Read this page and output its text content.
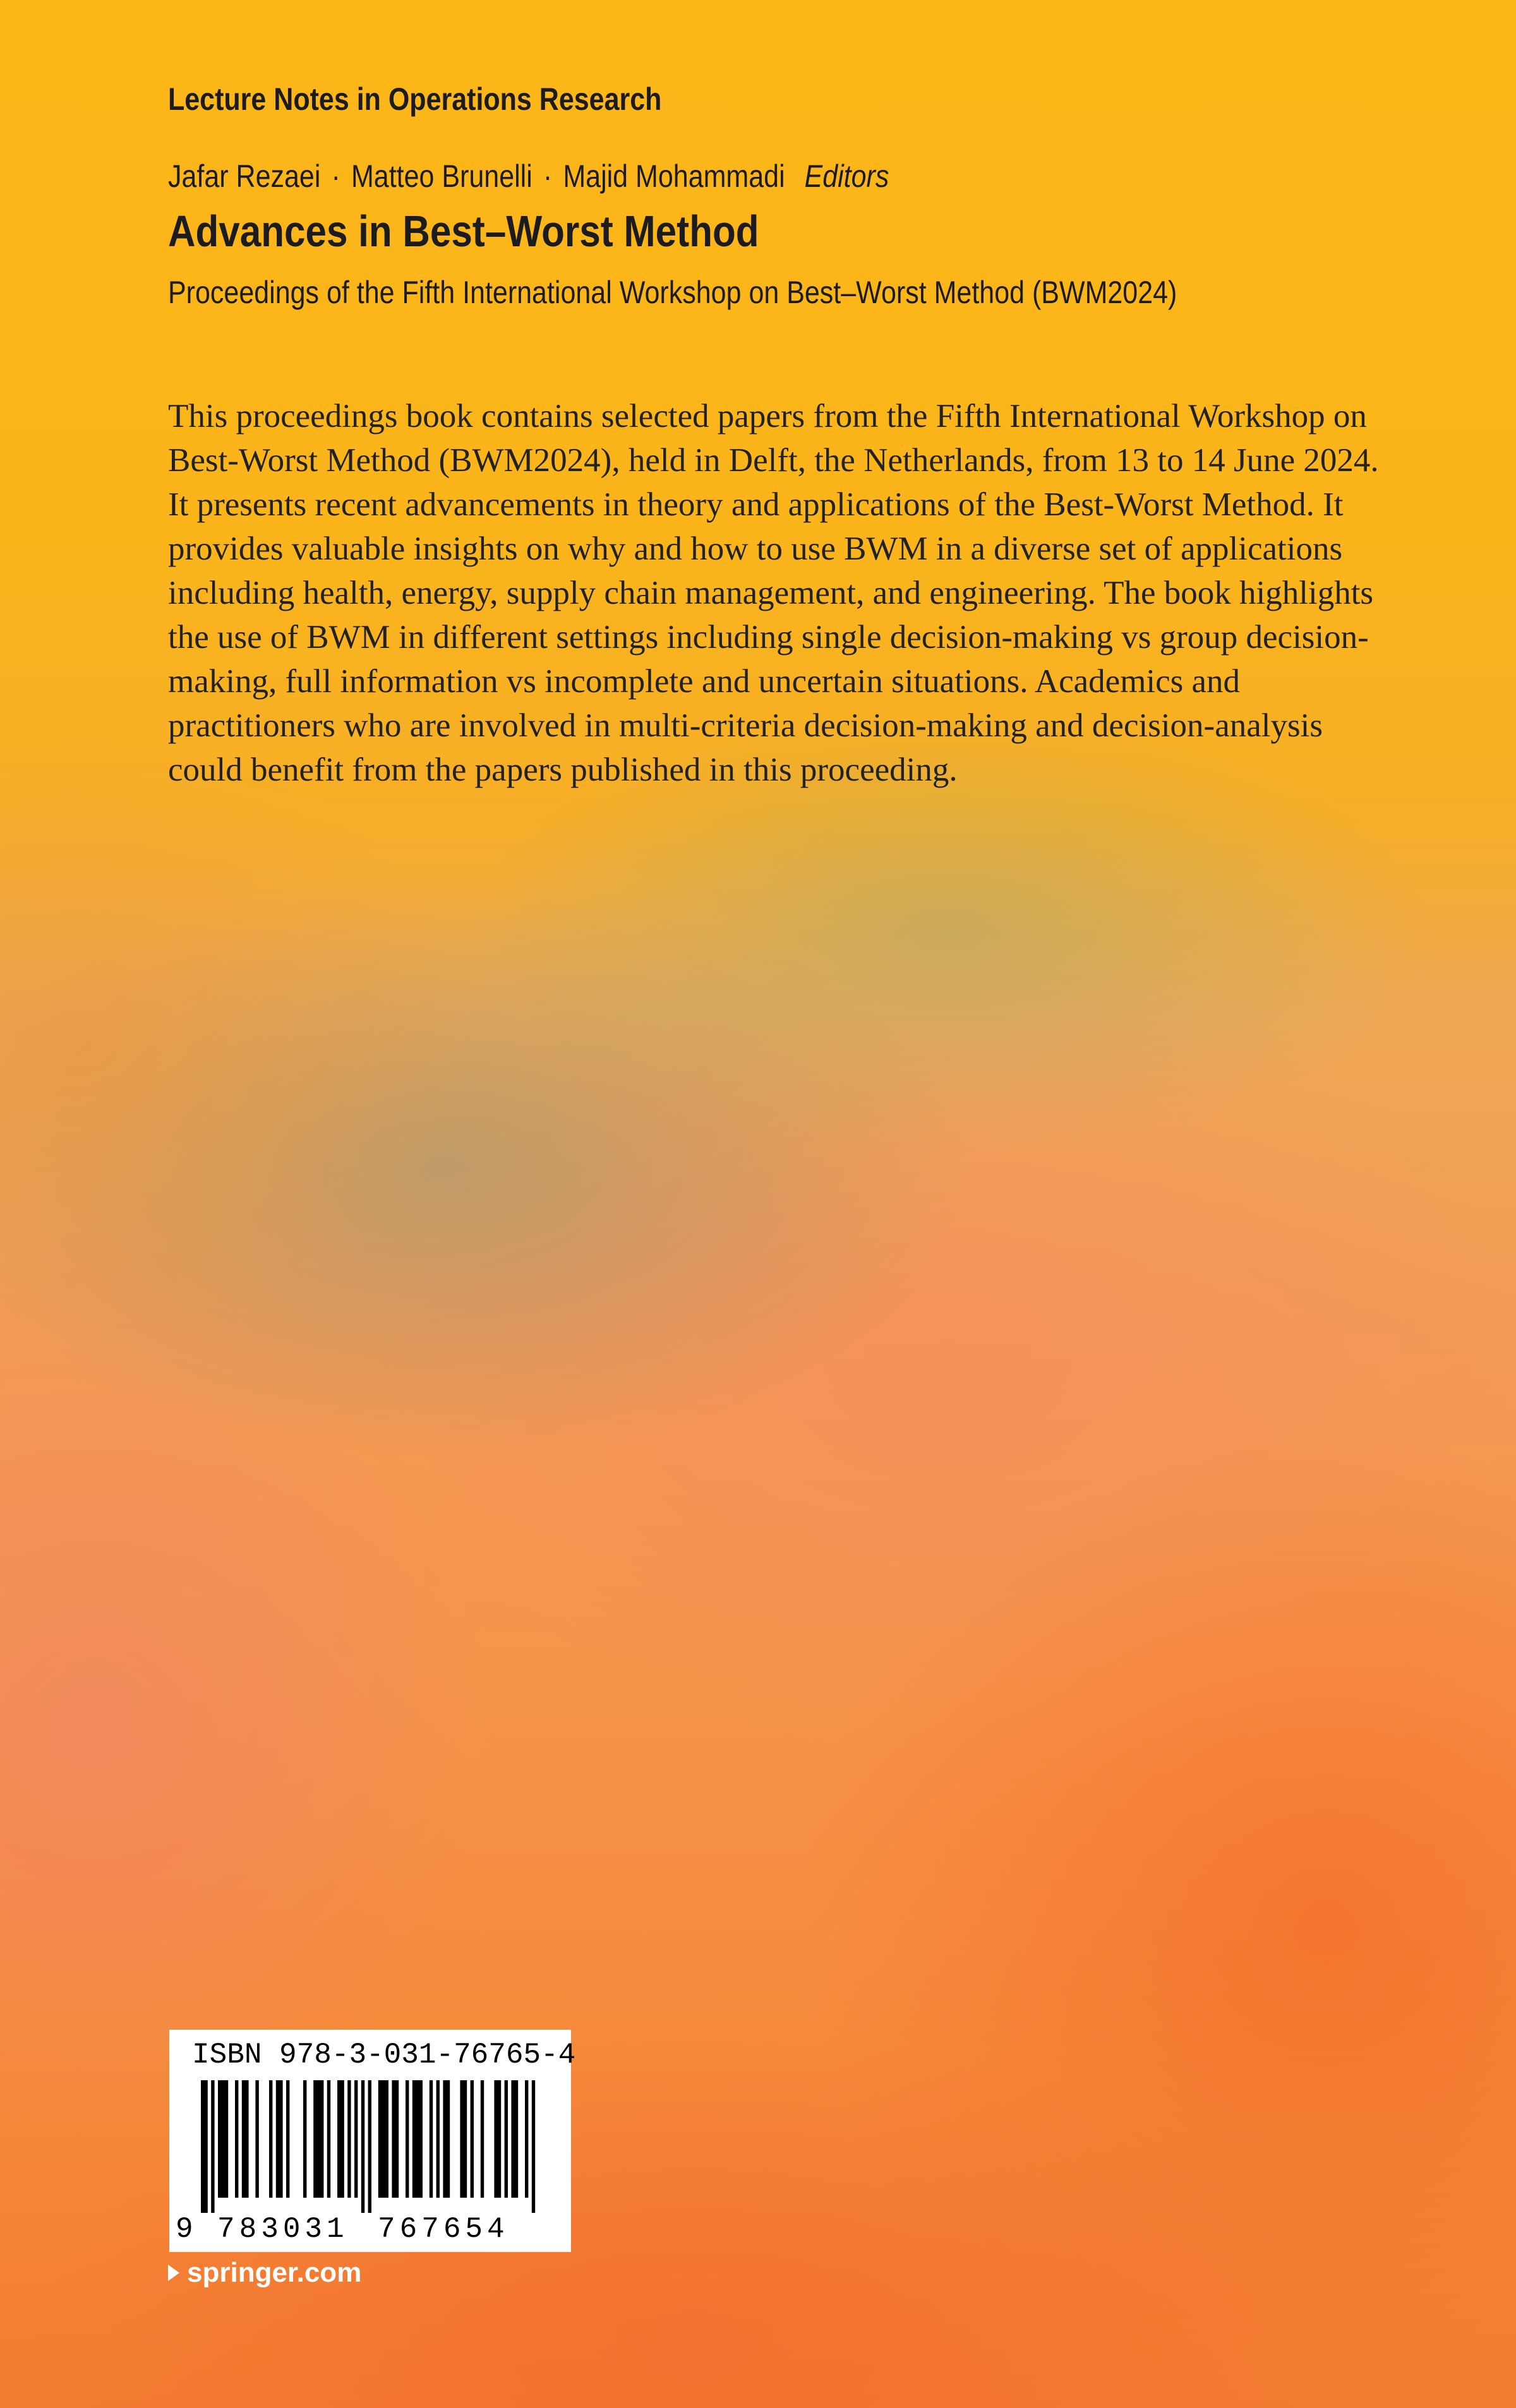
Lecture Notes in Operations Research
Jafar Rezaei · Matteo Brunelli · Majid Mohammadi Editors
Advances in Best–Worst Method
Proceedings of the Fifth International Workshop on Best–Worst Method (BWM2024)

This proceedings book contains selected papers from the Fifth International Workshop on Best-Worst Method (BWM2024), held in Delft, the Netherlands, from 13 to 14 June 2024. It presents recent advancements in theory and applications of the Best-Worst Method. It provides valuable insights on why and how to use BWM in a diverse set of applications including health, energy, supply chain management, and engineering. The book highlights the use of BWM in different settings including single decision-making vs group decision-making, full information vs incomplete and uncertain situations. Academics and practitioners who are involved in multi-criteria decision-making and decision-analysis could benefit from the papers published in this proceeding.

ISBN 978-3-031-76765-4
9 783031 767654
springer.com
